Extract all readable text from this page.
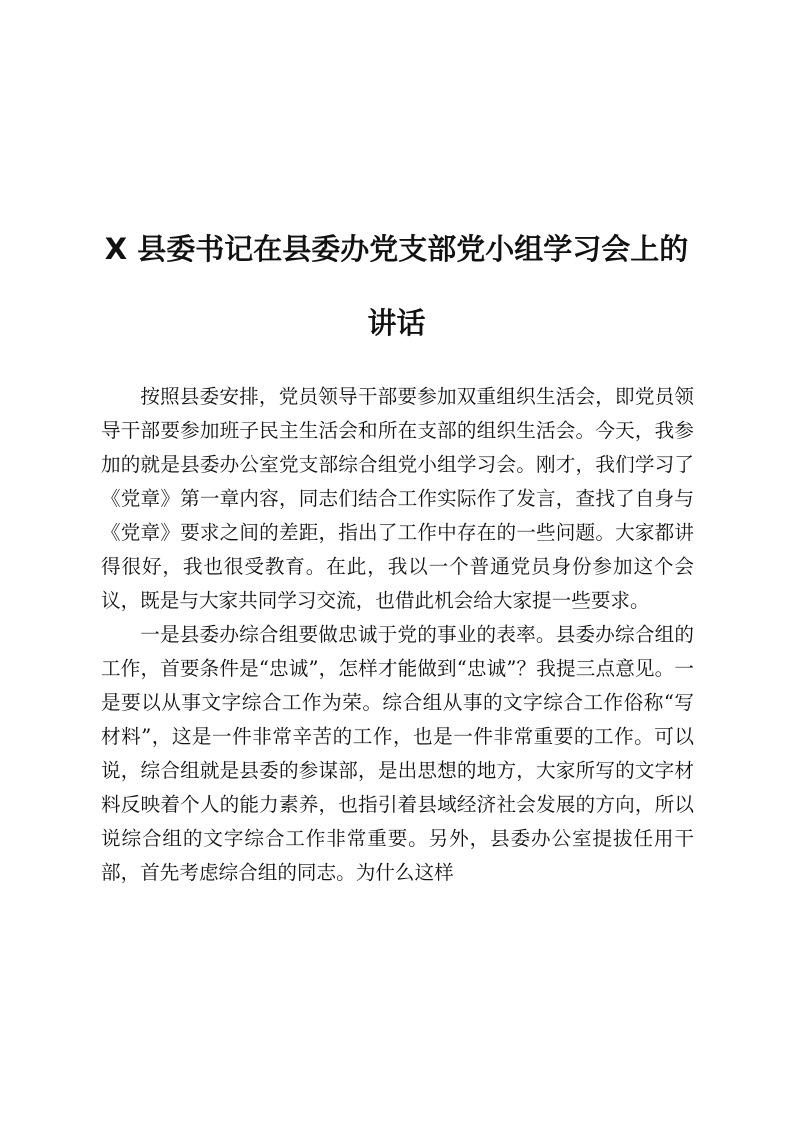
X 县委书记在县委办党支部党小组学习会上的

讲话

按照县委安排，党员领导干部要参加双重组织生活会，即党员领导干部要参加班子民主生活会和所在支部的组织生活会。今天，我参加的就是县委办公室党支部综合组党小组学习会。刚才，我们学习了《党章》第一章内容，同志们结合工作实际作了发言，查找了自身与《党章》要求之间的差距，指出了工作中存在的一些问题。大家都讲得很好，我也很受教育。在此，我以一个普通党员身份参加这个会议，既是与大家共同学习交流，也借此机会给大家提一些要求。

一是县委办综合组要做忠诚于党的事业的表率。县委办综合组的工作，首要条件是“忠诚”，怎样才能做到“忠诚”？我提三点意见。一是要以从事文字综合工作为荣。综合组从事的文字综合工作俗称“写材料”，这是一件非常辛苦的工作，也是一件非常重要的工作。可以说，综合组就是县委的参谋部，是出思想的地方，大家所写的文字材料反映着个人的能力素养，也指引着县域经济社会发展的方向，所以说综合组的文字综合工作非常重要。另外，县委办公室提拔任用干部，首先考虑综合组的同志。为什么这样
